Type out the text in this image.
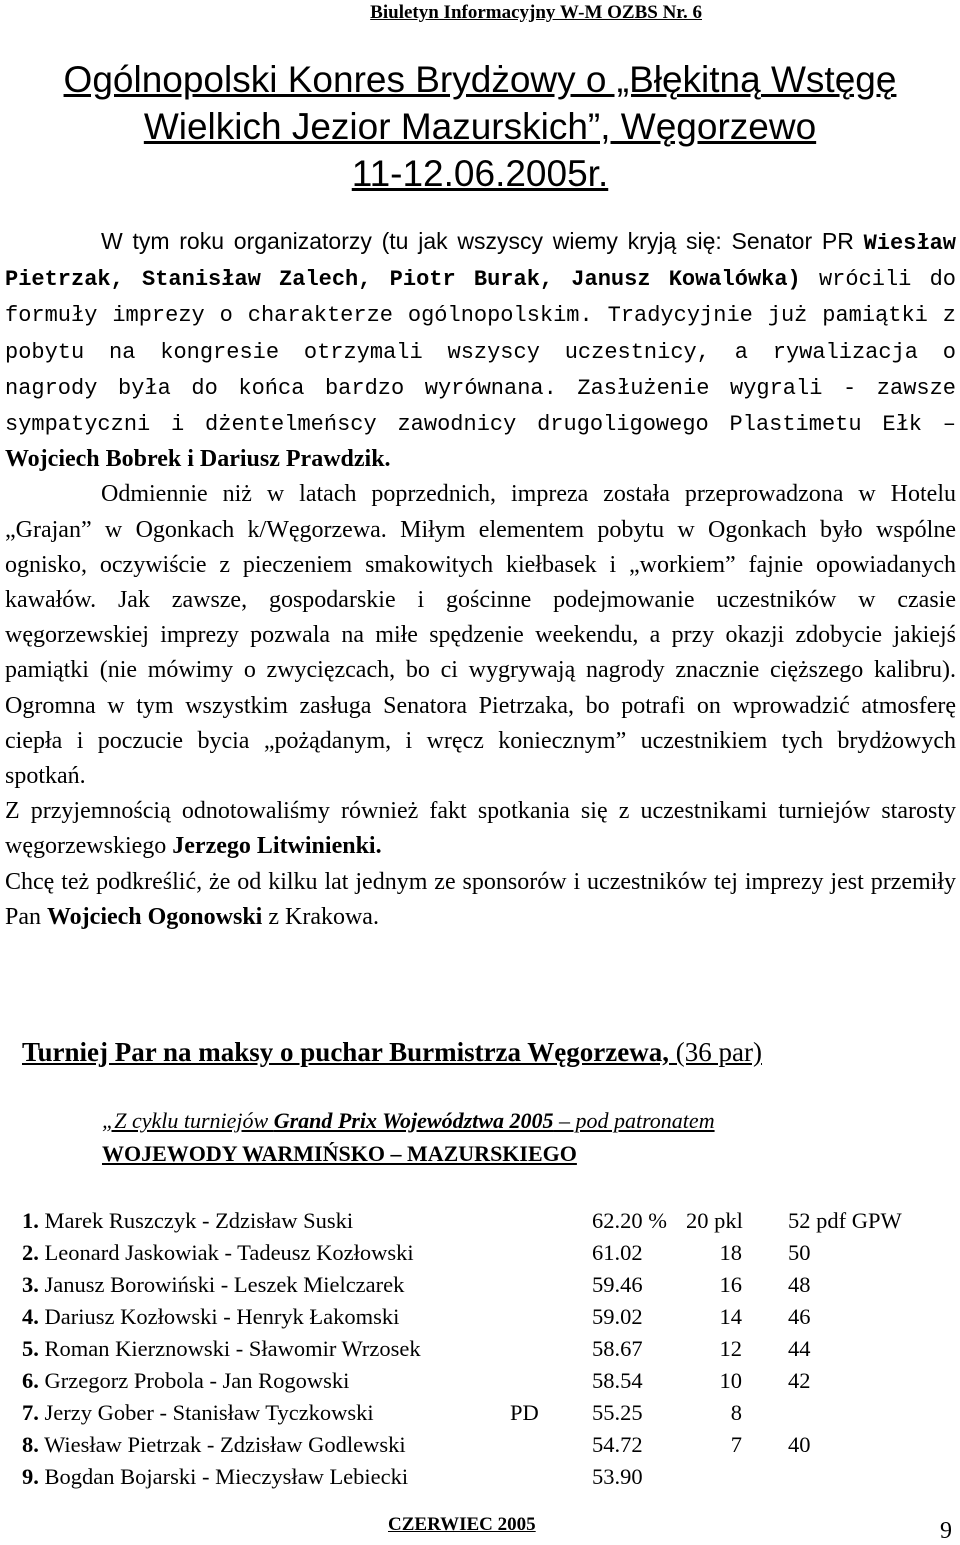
Biuletyn Informacyjny W-M OZBS Nr. 6
Ogólnopolski Konres Brydżowy o „Błękitną Wstęgę
Wielkich Jezior Mazurskich”, Węgorzewo
11-12.06.2005r.

W tym roku organizatorzy (tu jak wszyscy wiemy kryją się: Senator PR Wiesław Pietrzak, Stanisław Zalech, Piotr Burak, Janusz Kowalówka) wrócili do formuły imprezy o charakterze ogólnopolskim. Tradycyjnie już pamiątki z pobytu na kongresie otrzymali wszyscy uczestnicy, a rywalizacja o nagrody była do końca bardzo wyrównana. Zasłużenie wygrali - zawsze sympatyczni i dżentelmeńscy zawodnicy drugoligowego Plastimetu Ełk – Wojciech Bobrek i Dariusz Prawdzik.

Odmiennie niż w latach poprzednich, impreza została przeprowadzona w Hotelu „Grajan” w Ogonkach k/Węgorzewa. Miłym elementem pobytu w Ogonkach było wspólne ognisko, oczywiście z pieczeniem smakowitych kiełbasek i „workiem” fajnie opowiadanych kawałów. Jak zawsze, gospodarskie i gościnne podejmowanie uczestników w czasie węgorzewskiej imprezy pozwala na miłe spędzenie weekendu, a przy okazji zdobycie jakiejś pamiątki (nie mówimy o zwycięzcach, bo ci wygrywają nagrody znacznie cięższego kalibru). Ogromna w tym wszystkim zasługa Senatora Pietrzaka, bo potrafi on wprowadzić atmosferę ciepła i poczucie bycia „pożądanym, i wręcz koniecznym” uczestnikiem tych brydżowych spotkań.

Z przyjemnością odnotowaliśmy również fakt spotkania się z uczestnikami turniejów starosty węgorzewskiego Jerzego Litwinienki.

Chcę też podkreślić, że od kilku lat jednym ze sponsorów i uczestników tej imprezy jest przemiły Pan Wojciech Ogonowski z Krakowa.

Turniej Par na maksy o puchar Burmistrza Węgorzewa, (36 par)
„Z cyklu turniejów Grand Prix Województwa 2005 – pod patronatem
WOJEWODY WARMIŃSKO – MAZURSKIEGO
1. Marek Ruszczyk - Zdzisław Suski	62.20 % 20 pkl 52 pdf GPW
2. Leonard Jaskowiak - Tadeusz Kozłowski	61.02	18 50
3. Janusz Borowiński - Leszek Mielczarek	59.46	16 48
4. Dariusz Kozłowski - Henryk Łakomski	59.02	14 46
5. Roman Kierznowski - Sławomir Wrzosek	58.67	12 44
6. Grzegorz Probola - Jan Rogowski	58.54	10 42
7. Jerzy Gober - Stanisław Tyczkowski	PD 55.25	8
8. Wiesław Pietrzak - Zdzisław Godlewski	54.72	7 40
9. Bogdan Bojarski - Mieczysław Lebiecki	53.90
CZERWIEC 2005	9
